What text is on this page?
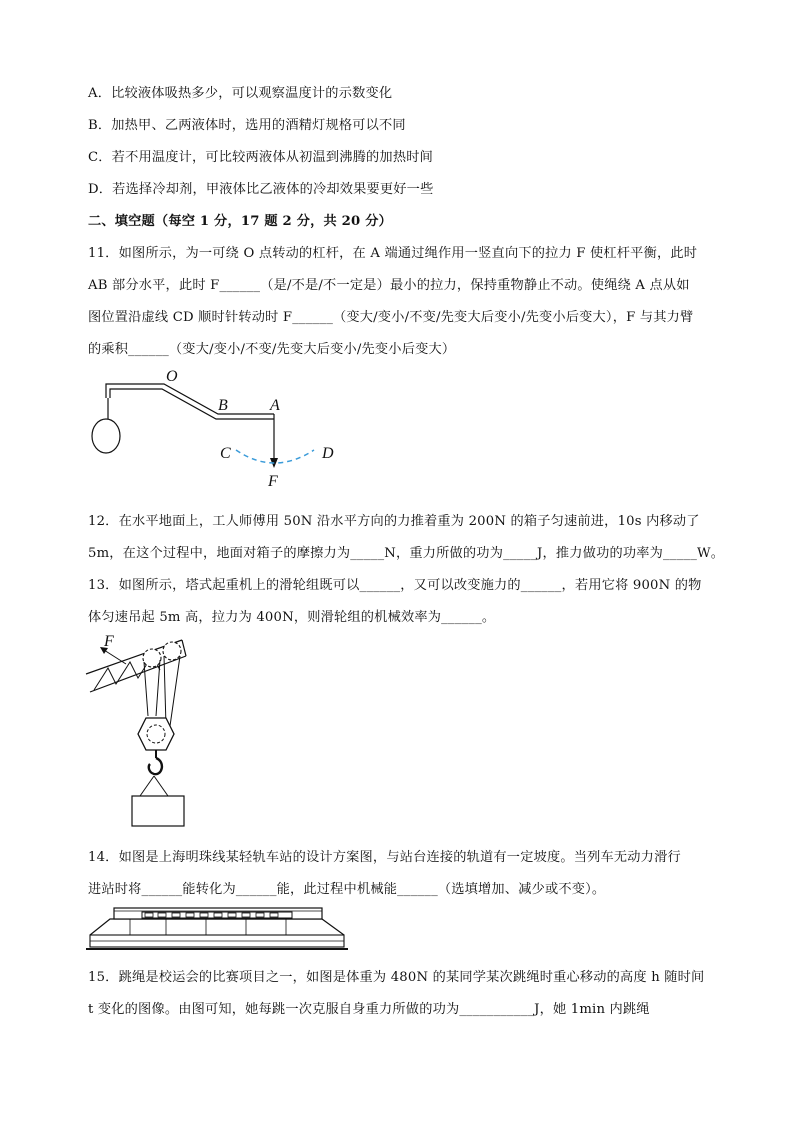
A．比较液体吸热多少，可以观察温度计的示数变化
B．加热甲、乙两液体时，选用的酒精灯规格可以不同
C．若不用温度计，可比较两液体从初温到沸腾的加热时间
D．若选择冷却剂，甲液体比乙液体的冷却效果要更好一些
二、填空题（每空 1 分，17 题 2 分，共 20 分）
11．如图所示，为一可绕 O 点转动的杠杆，在 A 端通过绳作用一竖直向下的拉力 F 使杠杆平衡，此时
AB 部分水平，此时 F______（是/不是/不一定是）最小的拉力，保持重物静止不动。使绳绕 A 点从如
图位置沿虚线 CD 顺时针转动时 F______（变大/变小/不变/先变大后变小/先变小后变大），F 与其力臂
的乘积______（变大/变小/不变/先变大后变小/先变小后变大）
O
B	A
C	D
F
12．在水平地面上，工人师傅用 50N 沿水平方向的力推着重为 200N 的箱子匀速前进，10s 内移动了
5m，在这个过程中，地面对箱子的摩擦力为_____N，重力所做的功为_____J，推力做功的功率为_____W。
13．如图所示，塔式起重机上的滑轮组既可以______，又可以改变施力的______，若用它将 900N 的物
体匀速吊起 5m 高，拉力为 400N，则滑轮组的机械效率为______。
F
14．如图是上海明珠线某轻轨车站的设计方案图，与站台连接的轨道有一定坡度。当列车无动力滑行
进站时将______能转化为______能，此过程中机械能______（选填增加、减少或不变）。
15．跳绳是校运会的比赛项目之一，如图是体重为 480N 的某同学某次跳绳时重心移动的高度 h 随时间
t 变化的图像。由图可知，她每跳一次克服自身重力所做的功为___________J，她 1min 内跳绳
